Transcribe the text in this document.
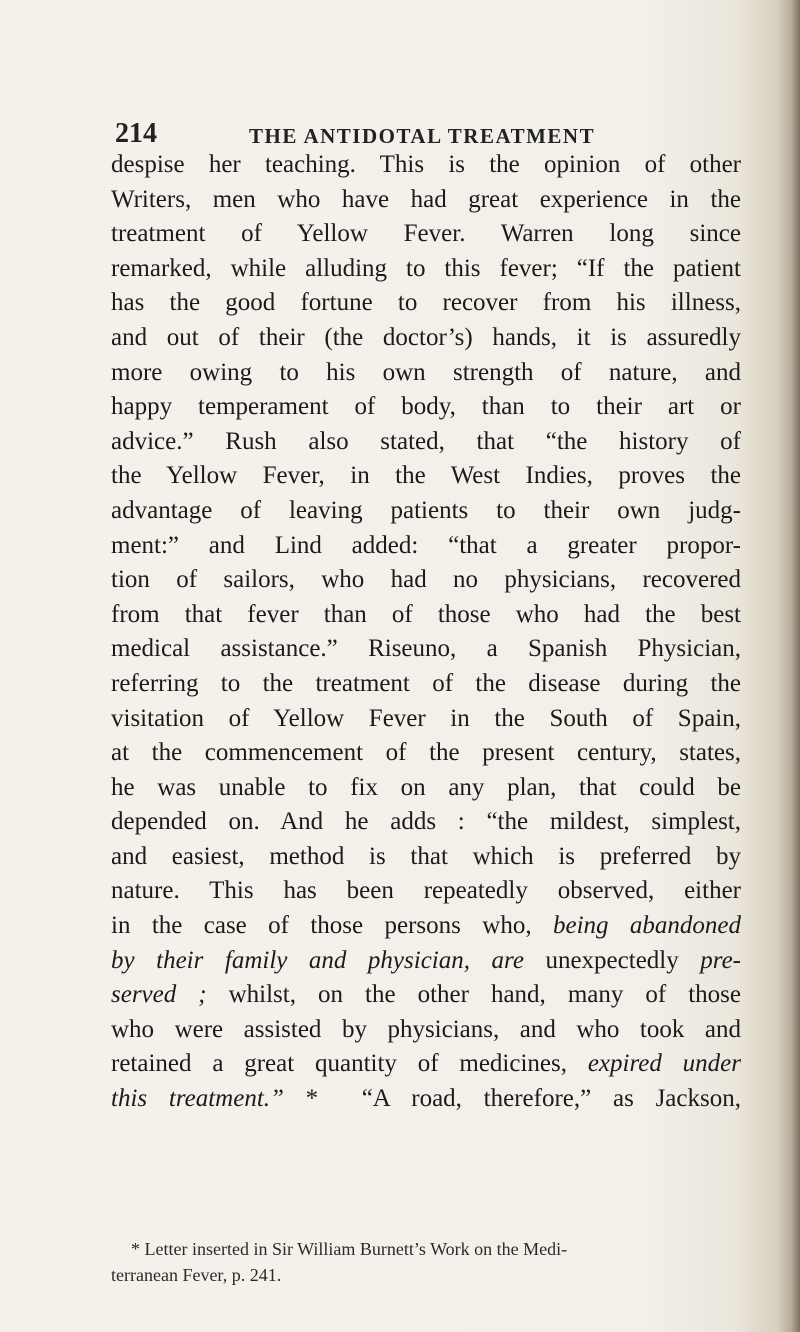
214	THE ANTIDOTAL TREATMENT
despise her teaching. This is the opinion of other
Writers, men who have had great experience in the
treatment of Yellow Fever. Warren long since
remarked, while alluding to this fever; “If the patient
has the good fortune to recover from his illness,
and out of their (the doctor’s) hands, it is assuredly
more owing to his own strength of nature, and
happy temperament of body, than to their art or
advice.” Rush also stated, that “the history of
the Yellow Fever, in the West Indies, proves the
advantage of leaving patients to their own judg-
ment:” and Lind added: “that a greater propor-
tion of sailors, who had no physicians, recovered
from that fever than of those who had the best
medical assistance.” Riseuno, a Spanish Physician,
referring to the treatment of the disease during the
visitation of Yellow Fever in the South of Spain,
at the commencement of the present century, states,
he was unable to fix on any plan, that could be
depended on. And he adds : “the mildest, simplest,
and easiest, method is that which is preferred by
nature. This has been repeatedly observed, either
in the case of those persons who, being abandoned
by their family and physician, are unexpectedly pre-
served ; whilst, on the other hand, many of those
who were assisted by physicians, and who took and
retained a great quantity of medicines, expired under
this treatment.” *  “A road, therefore,” as Jackson,
* Letter inserted in Sir William Burnett’s Work on the Medi-
terranean Fever, p. 241.
